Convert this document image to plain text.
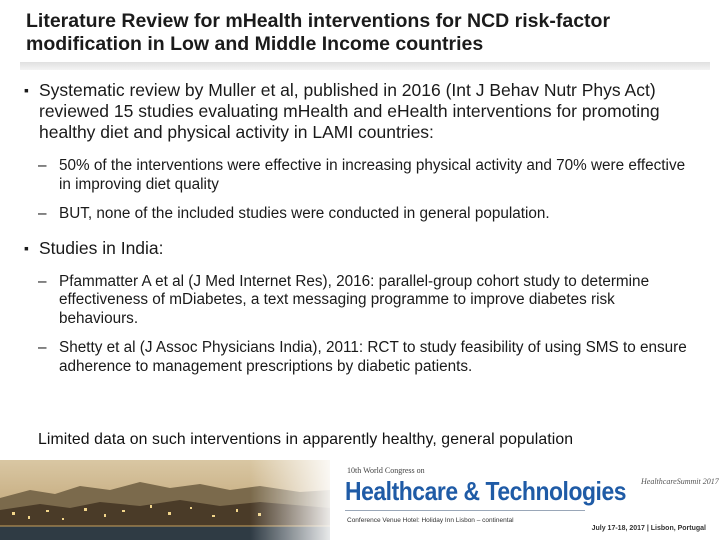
Literature Review for mHealth interventions for NCD risk-factor
modification in Low and Middle Income countries
▪ Systematic review by Muller et al, published in 2016 (Int J Behav Nutr Phys Act) reviewed 15 studies evaluating mHealth and eHealth interventions for promoting healthy diet and physical activity in LAMI countries:
– 50% of the interventions were effective in increasing physical activity and 70% were effective in improving diet quality
– BUT, none of the included studies were conducted in general population.
▪ Studies in India:
– Pfammatter A et al (J Med Internet Res), 2016: parallel-group cohort study to determine effectiveness of mDiabetes, a text messaging programme to improve diabetes risk behaviours.
– Shetty et al (J Assoc Physicians India), 2011: RCT to study feasibility of using SMS to ensure adherence to management prescriptions by diabetic patients.
Limited data on such interventions in apparently healthy, general population
10th World Congress on
Healthcare & Technologies
Conference Venue Hotel: Holiday Inn Lisbon – continental
HealthcareSummit 2017
July 17-18, 2017 | Lisbon, Portugal
